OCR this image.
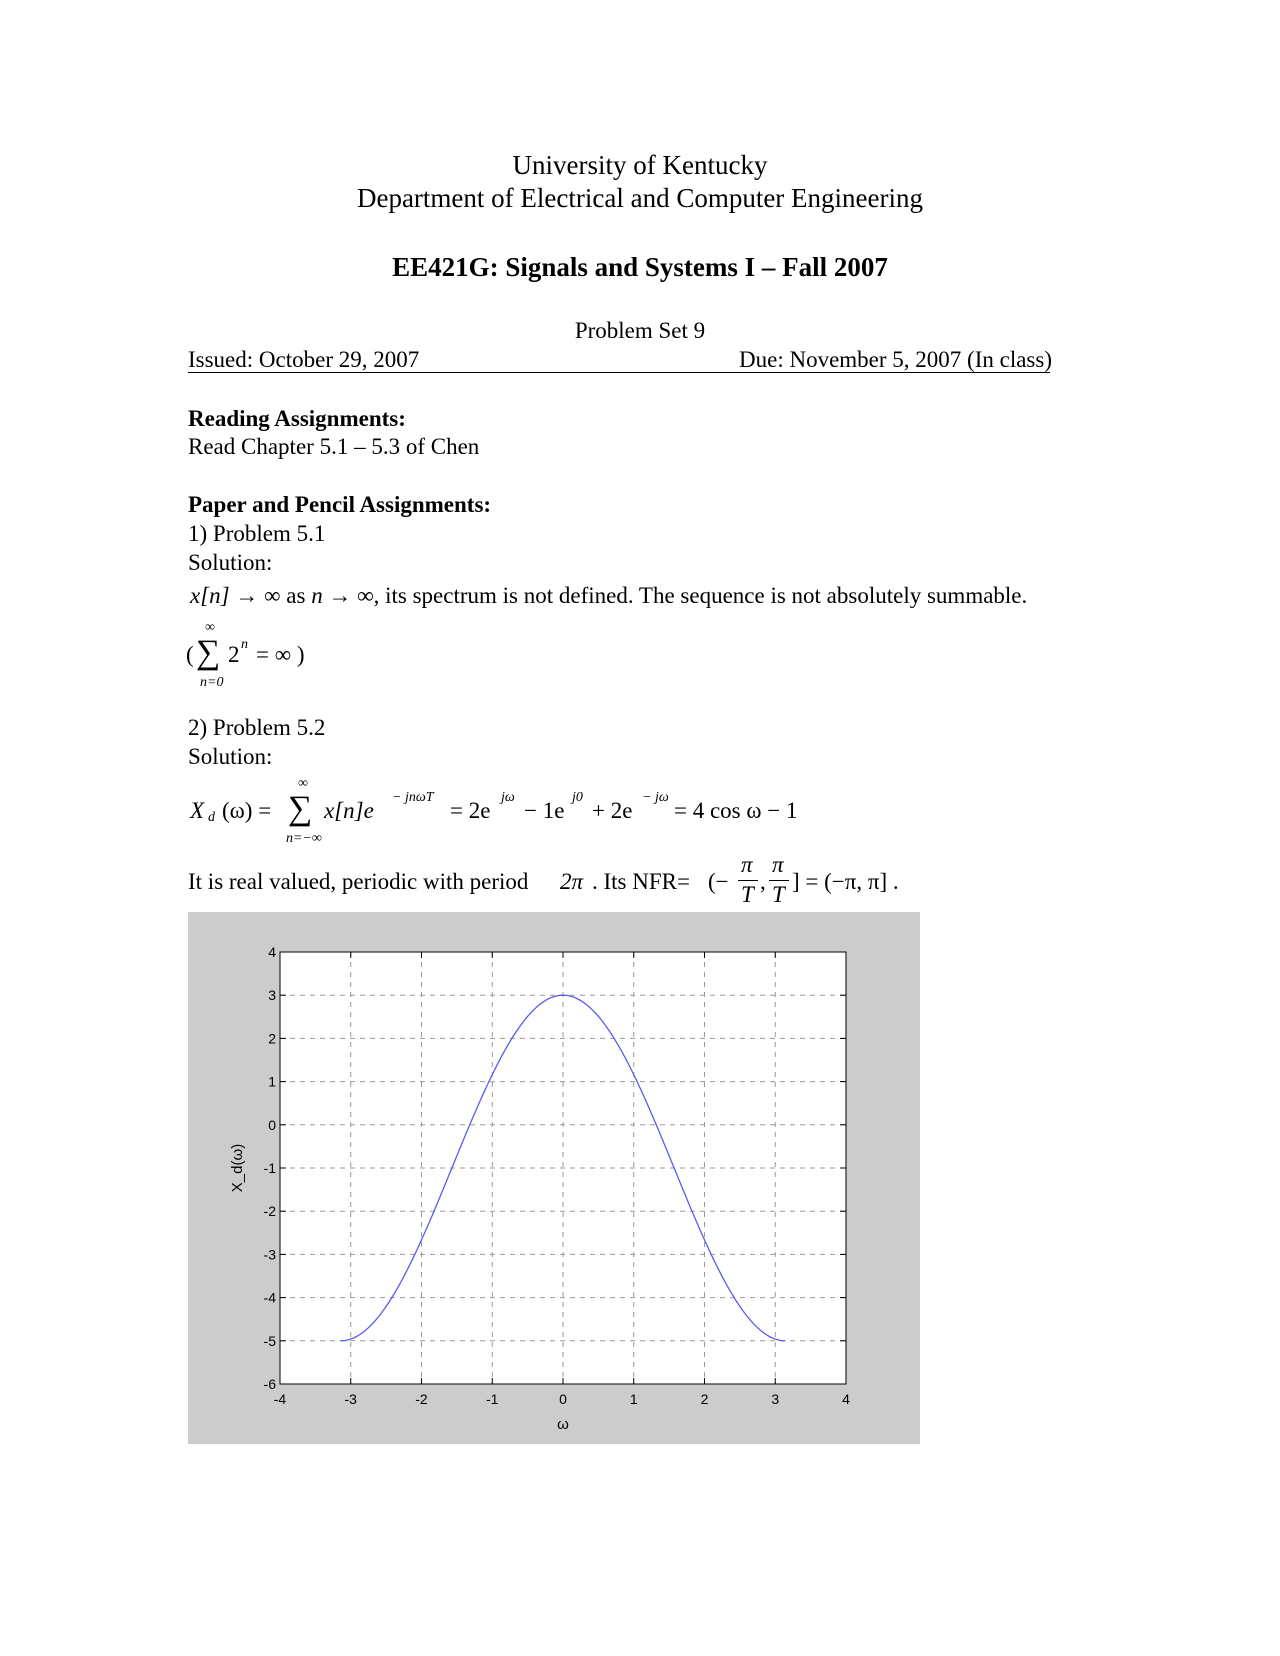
University of Kentucky
Department of Electrical and Computer Engineering
EE421G: Signals and Systems I – Fall 2007
Problem Set 9
Issued: October 29, 2007	Due: November 5, 2007 (In class)
Reading Assignments:
Read Chapter 5.1 – 5.3 of Chen
Paper and Pencil Assignments:
1) Problem 5.1
Solution:
x[n] → ∞ as n → ∞, its spectrum is not defined. The sequence is not absolutely summable.
( ∑
∞
n=0
2 n = ∞ )
2) Problem 5.2
Solution:
X d (ω) = ∑
∞
n=−∞
x[n]e
− jnωT
= 2e
jω
− 1e
j0
+ 2e
− jω
= 4 cos ω − 1
It is real valued, periodic with period 2π . Its NFR= (−
π
T
,
π
T
] = (−π, π] .
-4	-3	-2	-1	0	1	2	3	4
4
3
2
1
0
-1
-2
-3
-4
-5
-6
ω
X_d(ω)
